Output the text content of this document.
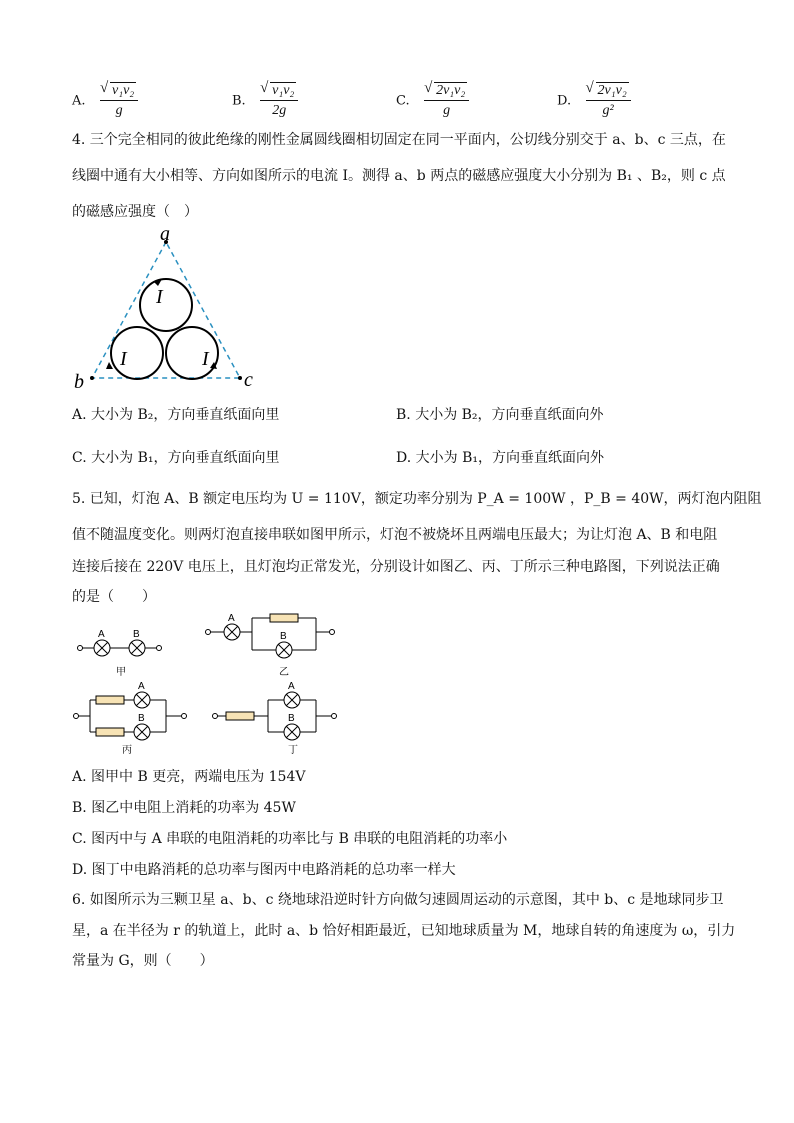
A. √ $\frac{\text{v₁v₂}}{g}$	B. √ $\frac{\text{v₁v₂}}{2g}$	C. √ $\frac{\text{2v₁v₂}}{g}$	D. √ $\frac{\text{2v₁v₂}}{\text{g²}}$
4. 三个完全相同的彼此绝缘的刚性金属圆线圈相切固定在同一平面内，公切线分别交于 a、b、c 三点，在
线圈中通有大小相等、方向如图所示的电流 I。测得 a、b 两点的磁感应强度大小分别为 B₁ 、B₂，则 c 点
的磁感应强度（　）
a
b	c
I
I	I
A. 大小为 B₂，方向垂直纸面向里	B. 大小为 B₂，方向垂直纸面向外
C. 大小为 B₁，方向垂直纸面向里	D. 大小为 B₁，方向垂直纸面向外
5. 已知，灯泡 A、B 额定电压均为 U = 110V，额定功率分别为 P_A = 100W ，P_B = 40W，两灯泡内阻阻
值不随温度变化。则两灯泡直接串联如图甲所示，灯泡不被烧坏且两端电压最大；为让灯泡 A、B 和电阻
连接后接在 220V 电压上，且灯泡均正常发光，分别设计如图乙、丙、丁所示三种电路图，下列说法正确
的是（　　）
A	B
A
B
A
B
A
B
甲	乙
丙	丁
A. 图甲中 B 更亮，两端电压为 154V
B. 图乙中电阻上消耗的功率为 45W
C. 图丙中与 A 串联的电阻消耗的功率比与 B 串联的电阻消耗的功率小
D. 图丁中电路消耗的总功率与图丙中电路消耗的总功率一样大
6. 如图所示为三颗卫星 a、b、c 绕地球沿逆时针方向做匀速圆周运动的示意图，其中 b、c 是地球同步卫
星，a 在半径为 r 的轨道上，此时 a、b 恰好相距最近，已知地球质量为 M，地球自转的角速度为 ω，引力
常量为 G，则（　　）
